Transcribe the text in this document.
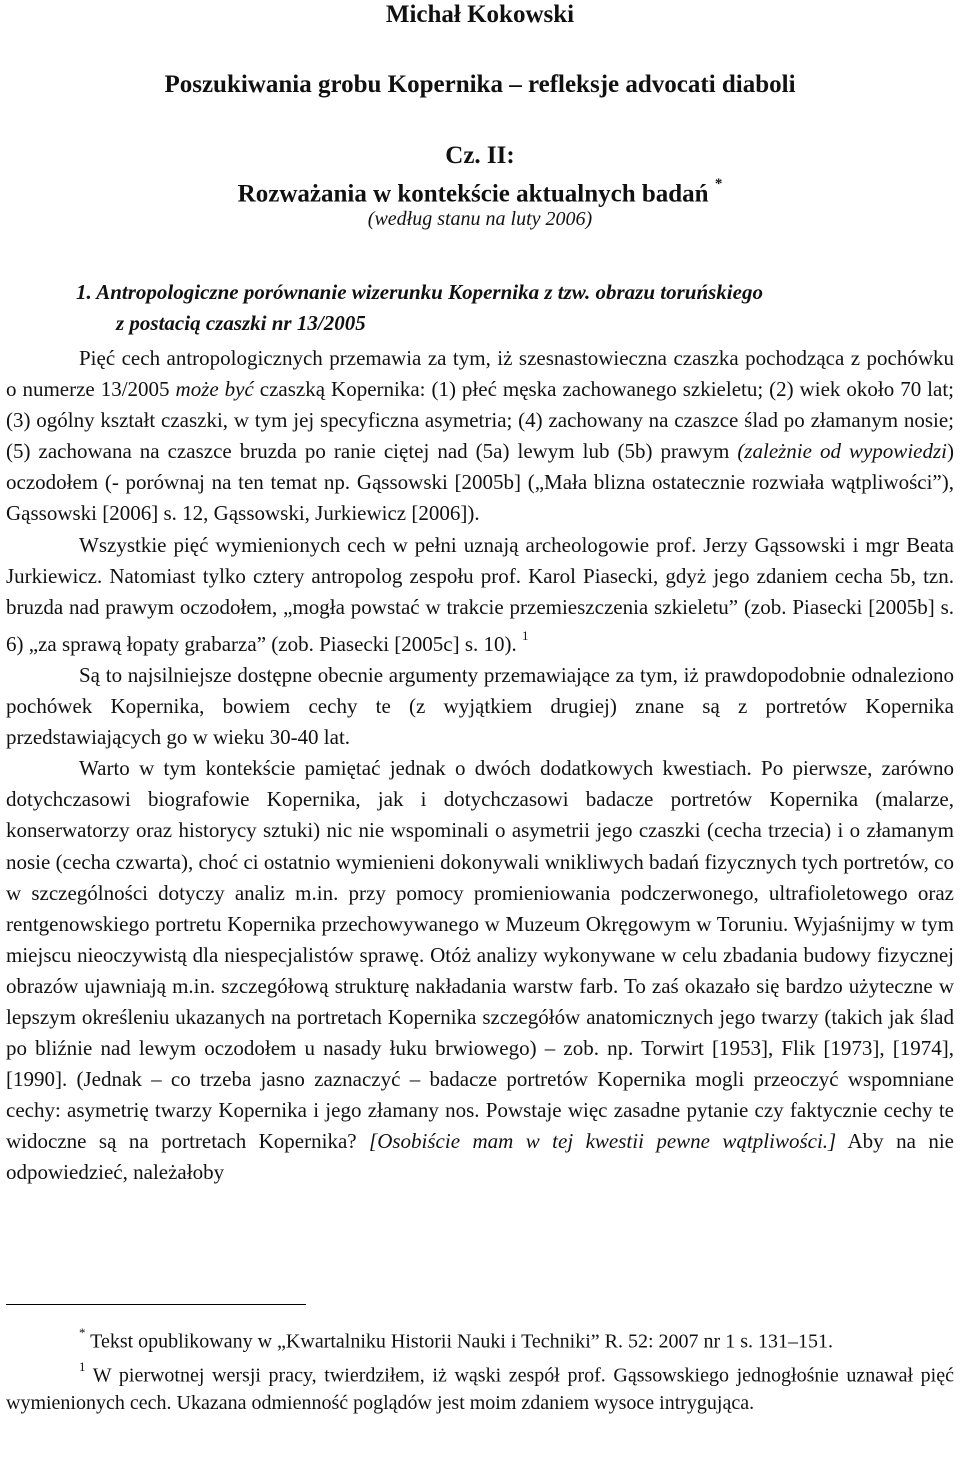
Michał Kokowski
Poszukiwania grobu Kopernika – refleksje advocati diaboli
Cz. II:
Rozważania w kontekście aktualnych badań *
(według stanu na luty 2006)
1. Antropologiczne porównanie wizerunku Kopernika z tzw. obrazu toruńskiego
z postacią czaszki nr 13/2005

Pięć cech antropologicznych przemawia za tym, iż szesnastowieczna czaszka pochodząca z pochówku o numerze 13/2005 może być czaszką Kopernika: (1) płeć męska zachowanego szkieletu; (2) wiek około 70 lat; (3) ogólny kształt czaszki, w tym jej specyficzna asymetria; (4) zachowany na czaszce ślad po złamanym nosie; (5) zachowana na czaszce bruzda po ranie ciętej nad (5a) lewym lub (5b) prawym (zależnie od wypowiedzi) oczodołem (- porównaj na ten temat np. Gąssowski [2005b] („Mała blizna ostatecznie rozwiała wątpliwości”), Gąssowski [2006] s. 12, Gąssowski, Jurkiewicz [2006]).

Wszystkie pięć wymienionych cech w pełni uznają archeologowie prof. Jerzy Gąssowski i mgr Beata Jurkiewicz. Natomiast tylko cztery antropolog zespołu prof. Karol Piasecki, gdyż jego zdaniem cecha 5b, tzn. bruzda nad prawym oczodołem, „mogła powstać w trakcie przemieszczenia szkieletu” (zob. Piasecki [2005b] s. 6) „za sprawą łopaty grabarza” (zob. Piasecki [2005c] s. 10). $^1$

Są to najsilniejsze dostępne obecnie argumenty przemawiające za tym, iż prawdopodobnie odnaleziono pochówek Kopernika, bowiem cechy te (z wyjątkiem drugiej) znane są z portretów Kopernika przedstawiających go w wieku 30-40 lat.

Warto w tym kontekście pamiętać jednak o dwóch dodatkowych kwestiach. Po pierwsze, zarówno dotychczasowi biografowie Kopernika, jak i dotychczasowi badacze portretów Kopernika (malarze, konserwatorzy oraz historycy sztuki) nic nie wspominali o asymetrii jego czaszki (cecha trzecia) i o złamanym nosie (cecha czwarta), choć ci ostatnio wymienieni dokonywali wnikliwych badań fizycznych tych portretów, co w szczególności dotyczy analiz m.in. przy pomocy promieniowania podczerwonego, ultrafioletowego oraz rentgenowskiego portretu Kopernika przechowywanego w Muzeum Okręgowym w Toruniu. Wyjaśnijmy w tym miejscu nieoczywistą dla niespecjalistów sprawę. Otóż analizy wykonywane w celu zbadania budowy fizycznej obrazów ujawniają m.in. szczegółową strukturę nakładania warstw farb. To zaś okazało się bardzo użyteczne w lepszym określeniu ukazanych na portretach Kopernika szczegółów anatomicznych jego twarzy (takich jak ślad po bliźnie nad lewym oczodołem u nasady łuku brwiowego) – zob. np. Torwirt [1953], Flik [1973], [1974], [1990]. (Jednak – co trzeba jasno zaznaczyć – badacze portretów Kopernika mogli przeoczyć wspomniane cechy: asymetrię twarzy Kopernika i jego złamany nos. Powstaje więc zasadne pytanie czy faktycznie cechy te widoczne są na portretach Kopernika? [Osobiście mam w tej kwestii pewne wątpliwości.] Aby na nie odpowiedzieć, należałoby

* Tekst opublikowany w „Kwartalniku Historii Nauki i Techniki” R. 52: 2007 nr 1 s. 131–151.

$^1$ W pierwotnej wersji pracy, twierdziłem, iż wąski zespół prof. Gąssowskiego jednogłośnie uznawał pięć wymienionych cech. Ukazana odmienność poglądów jest moim zdaniem wysoce intrygująca.
